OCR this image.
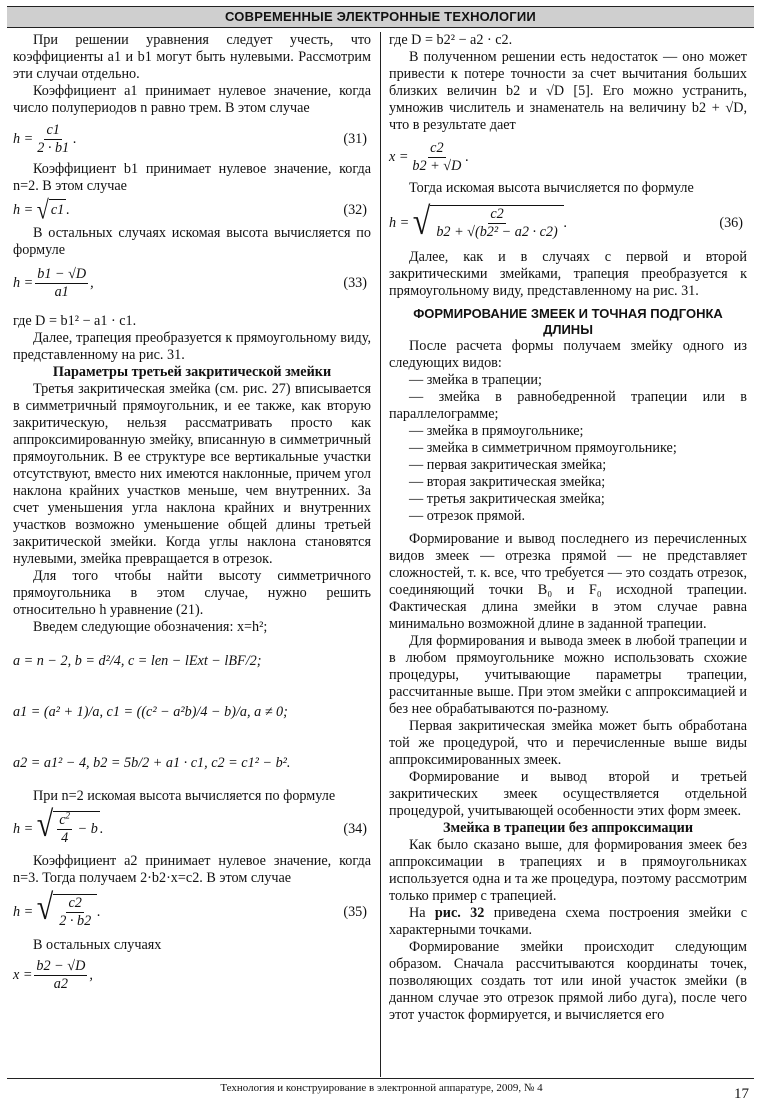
СОВРЕМЕННЫЕ ЭЛЕКТРОННЫЕ ТЕХНОЛОГИИ

При решении уравнения следует учесть, что коэффициенты a1 и b1 могут быть нулевыми. Рассмотрим эти случаи отдельно.

Коэффициент a1 принимает нулевое значение, когда число полупериодов n равно трем. В этом случае

$h = \frac{c1}{2 \cdot b1}$ .	(31)

Коэффициент b1 принимает нулевое значение, когда n=2. В этом случае

h =
√ c1 .	(32)

В остальных случаях искомая высота вычисляется по формуле

$h = \frac{b1 - √D}{a1}$ ,	(33)

где D = b1² − a1 · c1.

Далее, трапеция преобразуется к прямоугольному виду, представленному на рис. 31.

Параметры третьей закритической змейки

Третья закритическая змейка (см. рис. 27) вписывается в симметричный прямоугольник, и ее также, как вторую закритическую, нельзя рассматривать просто как аппроксимированную змейку, вписанную в симметричный прямоугольник. В ее структуре все вертикальные участки отсутствуют, вместо них имеются наклонные, причем угол наклона крайних участков меньше, чем внутренних. За счет уменьшения угла наклона крайних и внутренних участков возможно уменьшение общей длины третьей закритической змейки. Когда углы наклона становятся нулевыми, змейка превращается в отрезок.

Для того чтобы найти высоту симметричного прямоугольника в этом случае, нужно решить относительно h уравнение (21).

Введем следующие обозначения: x=h²;

a = n − 2, b = d²/4, c = len − lExt − lBF/2;
a1 = (a² + 1)/a, c1 = ((c² − a²b)/4 − b)/a, a ≠ 0;
a2 = a1² − 4, b2 = 5b/2 + a1 · c1, c2 = c1² − b².

При n=2 искомая высота вычисляется по формуле

h = √ $\frac{c^2}{4} - b$ .	(34)

Коэффициент a2 принимает нулевое значение, когда n=3. Тогда получаем 2·b2·x=c2. В этом случае

h = √ $\frac{c2}{2 \cdot b2}$ .	(35)

В остальных случаях

$x = \frac{b2 - √D}{a2}$ ,

где D = b2² − a2 · c2.

В полученном решении есть недостаток — оно может привести к потере точности за счет вычитания больших близких величин b2 и √D [5]. Его можно устранить, умножив числитель и знаменатель на величину b2 + √D, что в результате дает

$x = \frac{c2}{b2 + √D}$ .

Тогда искомая высота вычисляется по формуле

h = √ $\frac{c2}{\text{b2 + √(b2² − a2 · c2)}}$ .	(36)

Далее, как и в случаях с первой и второй закритическими змейками, трапеция преобразуется к прямоугольному виду, представленному на рис. 31.

ФОРМИРОВАНИЕ ЗМЕЕК И ТОЧНАЯ ПОДГОНКА ДЛИНЫ

После расчета формы получаем змейку одного из следующих видов:

— змейка в трапеции;

— змейка в равнобедренной трапеции или в параллелограмме;

— змейка в прямоугольнике;

— змейка в симметричном прямоугольнике;

— первая закритическая змейка;

— вторая закритическая змейка;

— третья закритическая змейка;

— отрезок прямой.

Формирование и вывод последнего из перечисленных видов змеек — отрезка прямой — не представляет сложностей, т. к. все, что требуется — это создать отрезок, соединяющий точки B₀ и F₀ исходной трапеции. Фактическая длина змейки в этом случае равна минимально возможной длине в заданной трапеции.

Для формирования и вывода змеек в любой трапеции и в любом прямоугольнике можно использовать схожие процедуры, учитывающие параметры трапеции, рассчитанные выше. При этом змейки с аппроксимацией и без нее обрабатываются по-разному.

Первая закритическая змейка может быть обработана той же процедурой, что и перечисленные выше виды аппроксимированных змеек.

Формирование и вывод второй и третьей закритических змеек осуществляется отдельной процедурой, учитывающей особенности этих форм змеек.

Змейка в трапеции без аппроксимации

Как было сказано выше, для формирования змеек без аппроксимации в трапециях и в прямоугольниках используется одна и та же процедура, поэтому рассмотрим только пример с трапецией.

На рис. 32 приведена схема построения змейки с характерными точками.

Формирование змейки происходит следующим образом. Сначала рассчитываются координаты точек, позволяющих создать тот или иной участок змейки (в данном случае это отрезок прямой либо дуга), после чего этот участок формируется, и вычисляется его

Технология и конструирование в электронной аппаратуре, 2009, № 4	17
